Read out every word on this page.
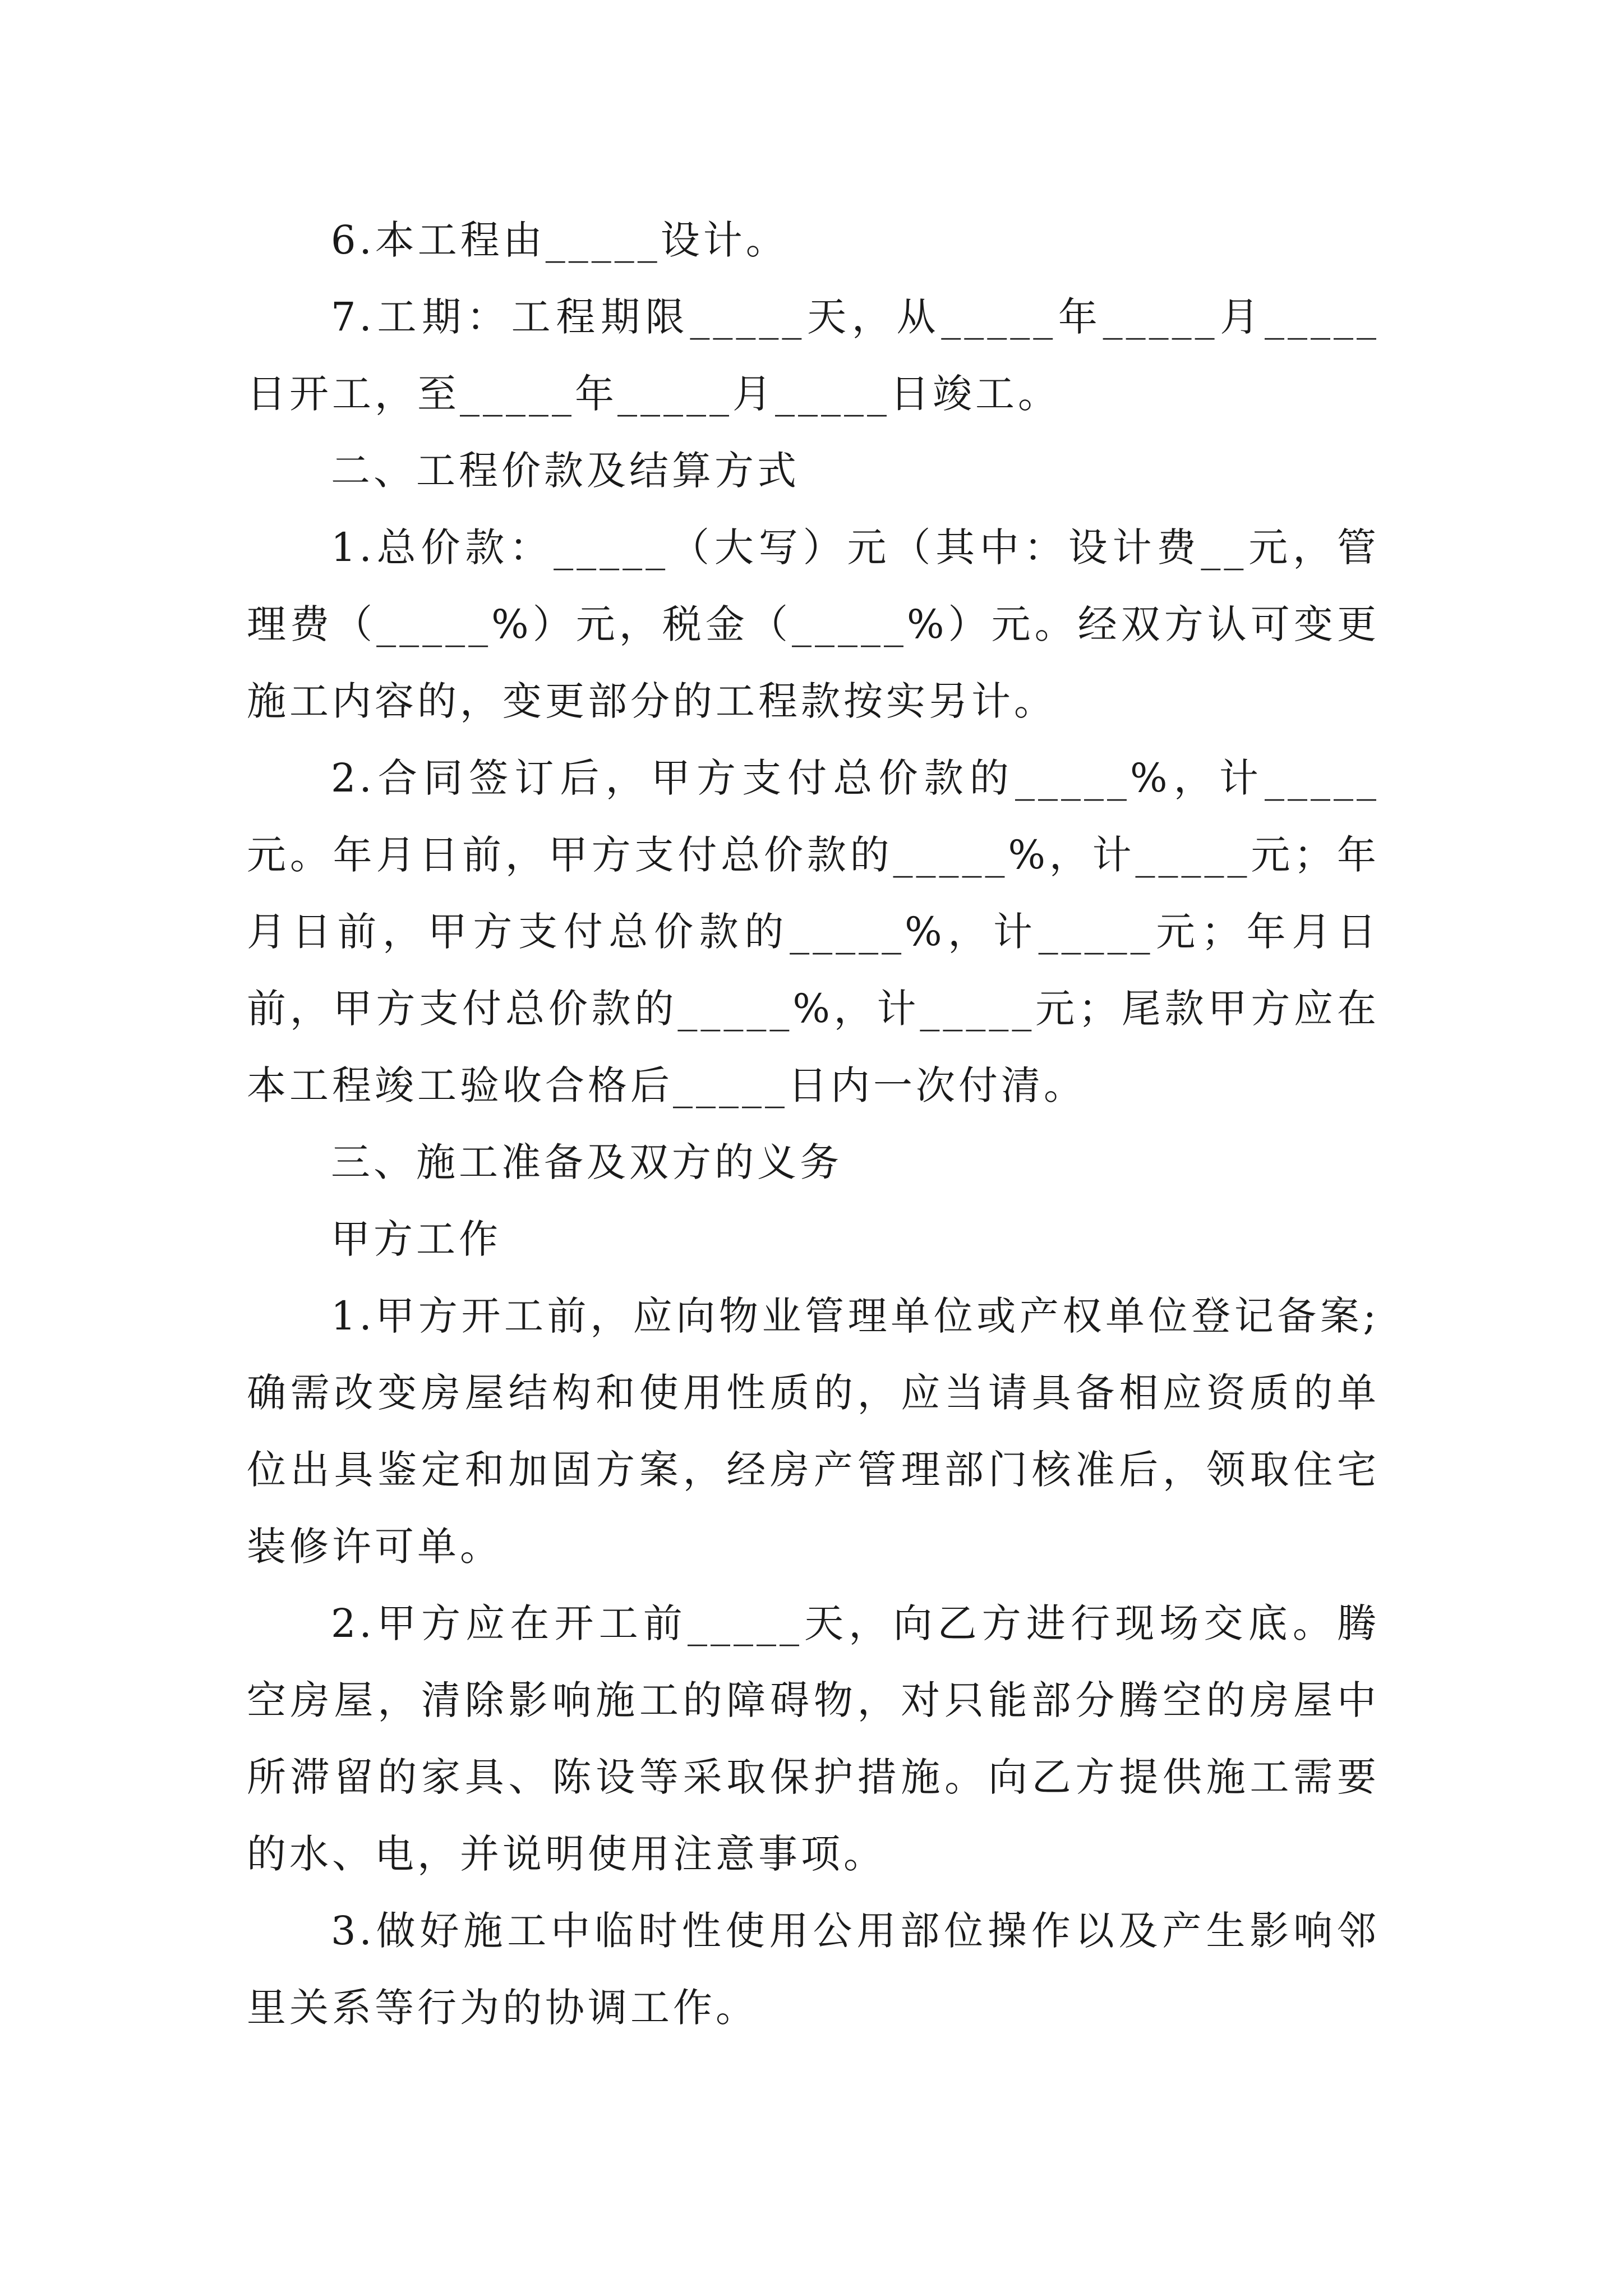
6.本工程由_____设计。

7.工期：工程期限_____天，从_____年_____月_____日开工，至_____年_____月_____日竣工。

二、工程价款及结算方式

1.总价款：_____（大写）元（其中：设计费__元，管理费（_____%）元，税金（_____%）元。经双方认可变更施工内容的，变更部分的工程款按实另计。

2.合同签订后，甲方支付总价款的_____%，计_____元。年月日前，甲方支付总价款的_____%，计_____元；年月日前，甲方支付总价款的_____%，计_____元；年月日前，甲方支付总价款的_____%，计_____元；尾款甲方应在本工程竣工验收合格后_____日内一次付清。

三、施工准备及双方的义务

甲方工作

1.甲方开工前，应向物业管理单位或产权单位登记备案;确需改变房屋结构和使用性质的，应当请具备相应资质的单位出具鉴定和加固方案，经房产管理部门核准后，领取住宅装修许可单。

2.甲方应在开工前_____天，向乙方进行现场交底。腾空房屋，清除影响施工的障碍物，对只能部分腾空的房屋中所滞留的家具、陈设等采取保护措施。向乙方提供施工需要的水、电，并说明使用注意事项。

3.做好施工中临时性使用公用部位操作以及产生影响邻里关系等行为的协调工作。
